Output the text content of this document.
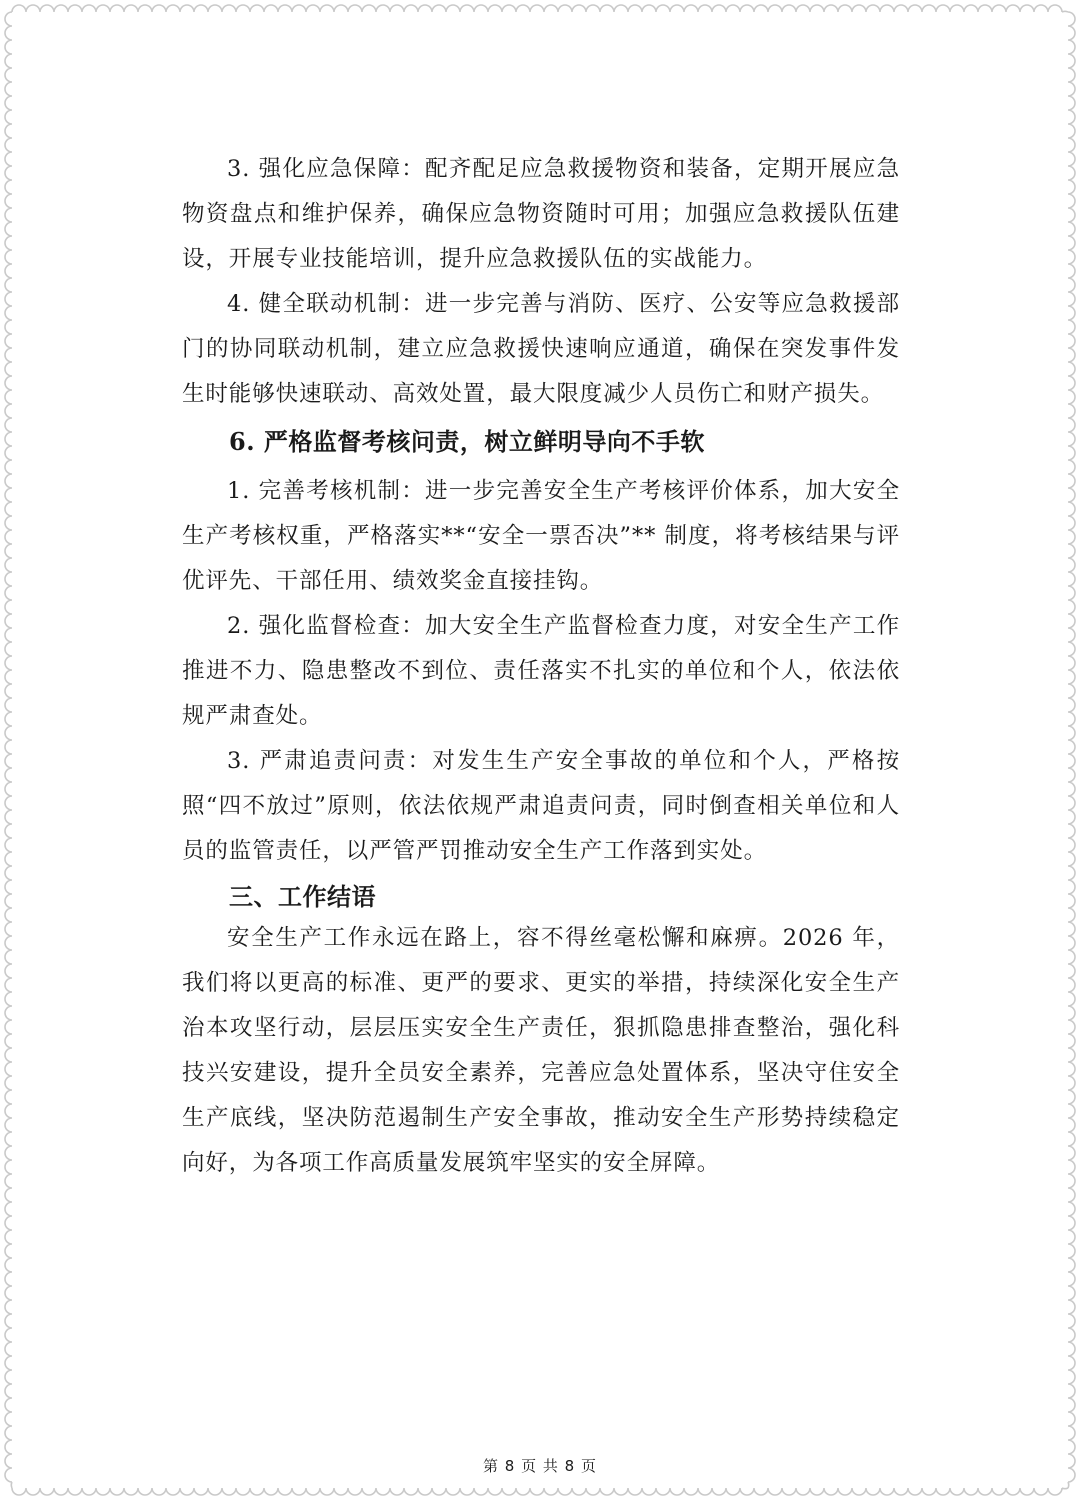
3. 强化应急保障：配齐配足应急救援物资和装备，定期开展应急物资盘点和维护保养，确保应急物资随时可用；加强应急救援队伍建设，开展专业技能培训，提升应急救援队伍的实战能力。

4. 健全联动机制：进一步完善与消防、医疗、公安等应急救援部门的协同联动机制，建立应急救援快速响应通道，确保在突发事件发生时能够快速联动、高效处置，最大限度减少人员伤亡和财产损失。

6. 严格监督考核问责，树立鲜明导向不手软

1. 完善考核机制：进一步完善安全生产考核评价体系，加大安全生产考核权重，严格落实**“安全一票否决”** 制度，将考核结果与评优评先、干部任用、绩效奖金直接挂钩。

2. 强化监督检查：加大安全生产监督检查力度，对安全生产工作推进不力、隐患整改不到位、责任落实不扎实的单位和个人，依法依规严肃查处。

3. 严肃追责问责：对发生生产安全事故的单位和个人，严格按照“四不放过”原则，依法依规严肃追责问责，同时倒查相关单位和人员的监管责任，以严管严罚推动安全生产工作落到实处。

三、工作结语

安全生产工作永远在路上，容不得丝毫松懈和麻痹。2026 年，我们将以更高的标准、更严的要求、更实的举措，持续深化安全生产治本攻坚行动，层层压实安全生产责任，狠抓隐患排查整治，强化科技兴安建设，提升全员安全素养，完善应急处置体系，坚决守住安全生产底线，坚决防范遏制生产安全事故，推动安全生产形势持续稳定向好，为各项工作高质量发展筑牢坚实的安全屏障。

第 8 页 共 8 页
